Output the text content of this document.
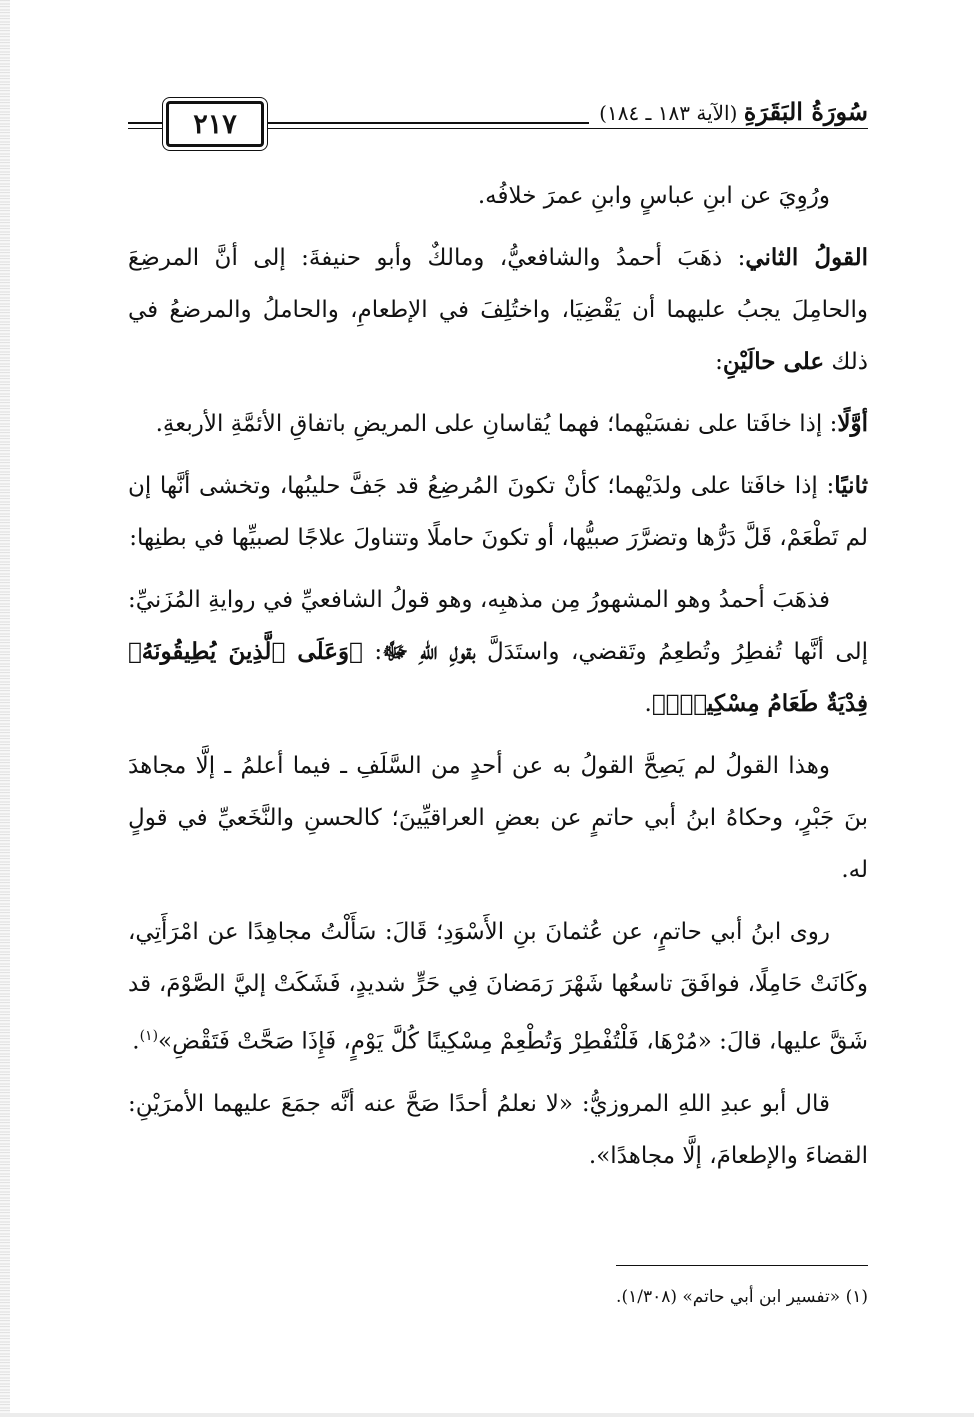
٢١٧	سُورَةُ البَقَرَةِ (الآية ١٨٣ ـ ١٨٤)

ورُوِيَ عن ابنِ عباسٍ وابنِ عمرَ خلافُه.

القولُ الثاني: ذهَبَ أحمدُ والشافعيُّ، ومالكٌ وأبو حنيفةَ: إلى أنَّ المرضِعَ والحامِلَ يجبُ عليهما أن يَقْضِيَا، واختُلِفَ في الإطعامِ، والحاملُ والمرضعُ في ذلك على حالَيْنِ:

أوَّلًا: إذا خافَتا على نفسَيْهما؛ فهما يُقاسانِ على المريضِ باتفاقِ الأئمَّةِ الأربعةِ.

ثانيًا: إذا خافَتا على ولدَيْهما؛ كأنْ تكونَ المُرضِعُ قد جَفَّ حليبُها، وتخشى أنَّها إن لم تَطْعَمْ، قَلَّ دَرُّها وتضرَّرَ صبيُّها، أو تكونَ حاملًا وتتناولَ علاجًا لصبيِّها في بطنِها:

فذهَبَ أحمدُ وهو المشهورُ مِن مذهبِه، وهو قولُ الشافعيِّ في روايةِ المُزَنيِّ: إلى أنَّها تُفطِرُ وتُطعِمُ وتَقضي، واستَدَلَّ بقولِ اللهِ ﷻ: ﴿وَعَلَى ٱلَّذِينَ يُطِيقُونَهُۥ فِدْيَةٌ طَعَامُ مِسْكِينٍۖ﴾.

وهذا القولُ لم يَصِحَّ القولُ به عن أحدٍ من السَّلَفِ ـ فيما أعلمُ ـ إلَّا مجاهدَ بنَ جَبْرٍ، وحكاهُ ابنُ أبي حاتمٍ عن بعضِ العراقيِّينَ؛ كالحسنِ والنَّخَعيِّ في قولٍ له.

روى ابنُ أبي حاتمٍ، عن عُثمانَ بنِ الأَسْوَدِ؛ قَالَ: سَأَلْتُ مجاهِدًا عن امْرَأَتِي، وكَانَتْ حَامِلًا، فوافَقَ تاسعُها شَهْرَ رَمَضانَ فِي حَرٍّ شديدٍ، فَشَكَتْ إليَّ الصَّوْمَ، قد شَقَّ عليها، قالَ: «مُرْهَا، فَلْتُفْطِرْ وَتُطْعِمْ مِسْكِينًا كُلَّ يَوْمٍ، فَإِذَا صَحَّتْ فَتَقْضِ»$^{(١)}$.

قال أبو عبدِ اللهِ المروزيُّ: «لا نعلمُ أحدًا صَحَّ عنه أنَّه جمَعَ عليهما الأمرَيْنِ: القضاءَ والإطعامَ، إلَّا مجاهدًا».

(١) «تفسير ابن أبي حاتم» (١/٣٠٨).
